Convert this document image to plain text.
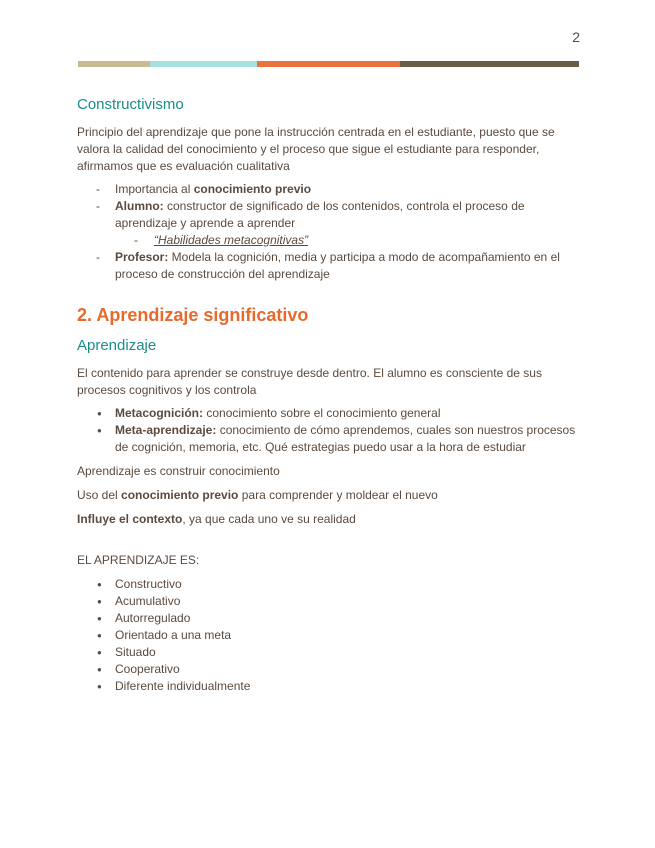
2
Constructivismo

Principio del aprendizaje que pone la instrucción centrada en el estudiante, puesto que se valora la calidad del conocimiento y el proceso que sigue el estudiante para responder, afirmamos que es evaluación cualitativa

- Importancia al conocimiento previo
- Alumno: constructor de significado de los contenidos, controla el proceso de aprendizaje y aprende a aprender
- “Habilidades metacognitivas”
- Profesor: Modela la cognición, media y participa a modo de acompañamiento en el proceso de construcción del aprendizaje
2. Aprendizaje significativo
Aprendizaje

El contenido para aprender se construye desde dentro. El alumno es consciente de sus procesos cognitivos y los controla

● Metacognición: conocimiento sobre el conocimiento general
● Meta-aprendizaje: conocimiento de cómo aprendemos, cuales son nuestros procesos de cognición, memoria, etc. Qué estrategias puedo usar a la hora de estudiar

Aprendizaje es construir conocimiento

Uso del conocimiento previo para comprender y moldear el nuevo

Influye el contexto, ya que cada uno ve su realidad

EL APRENDIZAJE ES:

● Constructivo
● Acumulativo
● Autorregulado
● Orientado a una meta
● Situado
● Cooperativo
● Diferente individualmente
